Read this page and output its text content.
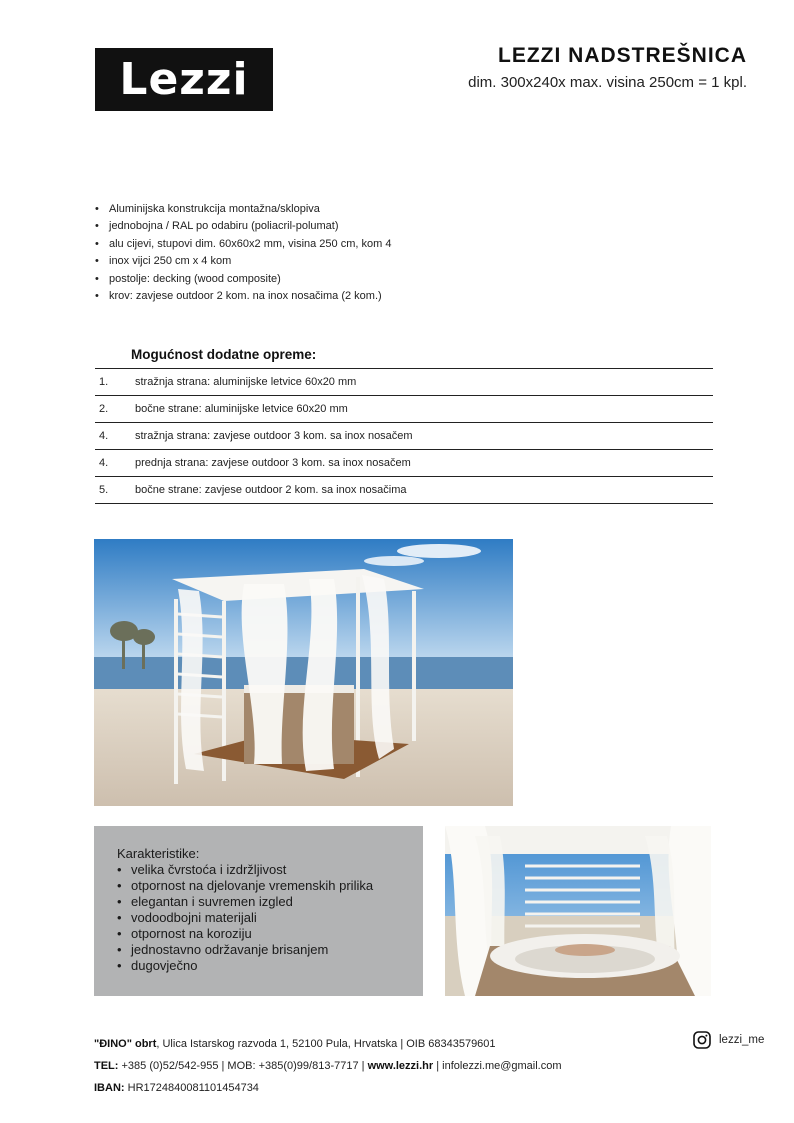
Lezzi	LEZZI NADSTREŠNICA
dim. 300x240x max. visina 250cm = 1 kpl.
• Aluminijska konstrukcija montažna/sklopiva
• jednobojna / RAL po odabiru (poliacril-polumat)
• alu cijevi, stupovi dim. 60x60x2 mm, visina 250 cm, kom 4
• inox vijci 250 cm x 4 kom
• postolje: decking (wood composite)
• krov: zavjese outdoor 2 kom. na inox nosačima (2 kom.)
Mogućnost dodatne opreme:
1.	stražnja strana: aluminijske letvice 60x20 mm
2.	bočne strane: aluminijske letvice 60x20 mm
4.	stražnja strana: zavjese outdoor 3 kom. sa inox nosačem
4.	prednja strana: zavjese outdoor 3 kom. sa inox nosačem
5.	bočne strane: zavjese outdoor 2 kom. sa inox nosačima
Karakteristike:
• velika čvrstoća i izdržljivost
• otpornost na djelovanje vremenskih prilika
• elegantan i suvremen izgled
• vodoodbojni materijali
• otpornost na koroziju
• jednostavno održavanje brisanjem
• dugovječno
"ĐINO" obrt, Ulica Istarskog razvoda 1, 52100 Pula, Hrvatska | OIB 68343579601
TEL: +385 (0)52/542-955 | MOB: +385(0)99/813-7717 | www.lezzi.hr | infolezzi.me@gmail.com
IBAN: HR1724840081101454734
lezzi_me
